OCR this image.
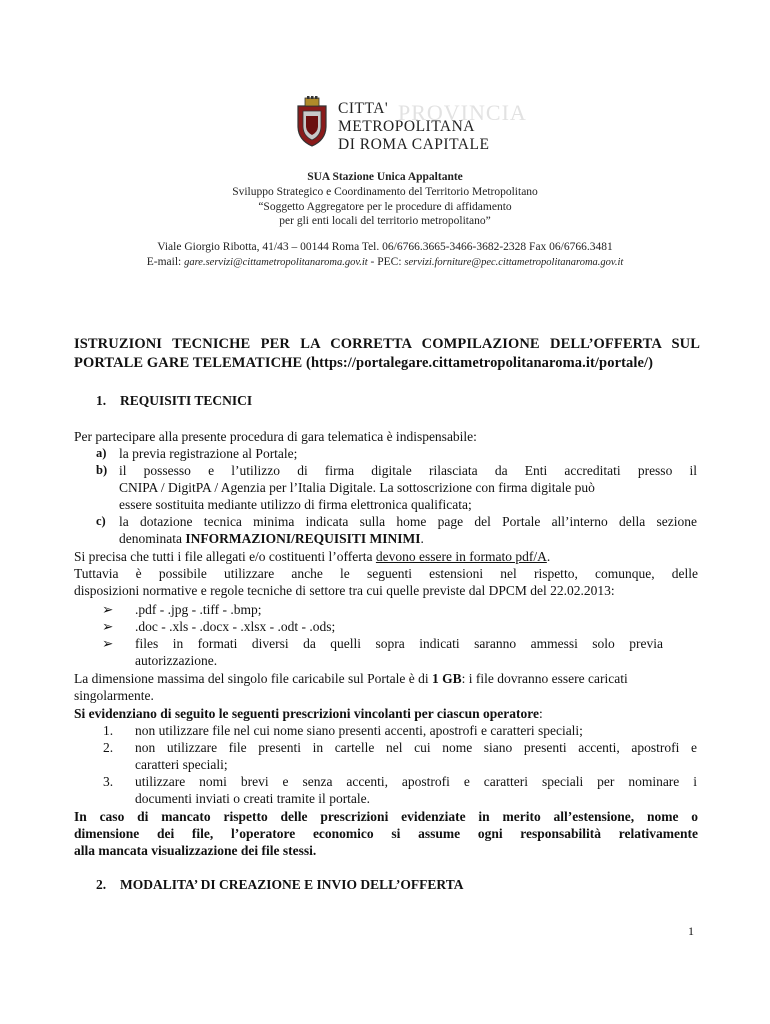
PROVINCIA
CITTA'
METROPOLITANA
DI ROMA CAPITALE
SUA Stazione Unica Appaltante
Sviluppo Strategico e Coordinamento del Territorio Metropolitano
“Soggetto Aggregatore per le procedure di affidamento
per gli enti locali del territorio metropolitano”
Viale Giorgio Ribotta, 41/43 – 00144 Roma Tel. 06/6766.3665-3466-3682-2328 Fax 06/6766.3481
E-mail: gare.servizi@cittametropolitanaroma.gov.it - PEC: servizi.forniture@pec.cittametropolitanaroma.gov.it
ISTRUZIONI TECNICHE PER LA CORRETTA COMPILAZIONE DELL’OFFERTA SUL
PORTALE GARE TELEMATICHE (https://portalegare.cittametropolitanaroma.it/portale/)
1. REQUISITI TECNICI
Per partecipare alla presente procedura di gara telematica è indispensabile:
a) la previa registrazione al Portale;
b) il possesso e l’utilizzo di firma digitale rilasciata da Enti accreditati presso il
CNIPA / DigitPA / Agenzia per l’Italia Digitale. La sottoscrizione con firma digitale può
essere sostituita mediante utilizzo di firma elettronica qualificata;
c) la dotazione tecnica minima indicata sulla home page del Portale all’interno della sezione
denominata INFORMAZIONI/REQUISITI MINIMI.
Si precisa che tutti i file allegati e/o costituenti l’offerta devono essere in formato pdf/A.
Tuttavia è possibile utilizzare anche le seguenti estensioni nel rispetto, comunque, delle
disposizioni normative e regole tecniche di settore tra cui quelle previste dal DPCM del 22.02.2013:
➢ .pdf - .jpg - .tiff - .bmp;
➢ .doc - .xls - .docx - .xlsx - .odt - .ods;
➢ files in formati diversi da quelli sopra indicati saranno ammessi solo previa
autorizzazione.
La dimensione massima del singolo file caricabile sul Portale è di 1 GB: i file dovranno essere caricati
singolarmente.
Si evidenziano di seguito le seguenti prescrizioni vincolanti per ciascun operatore:
1. non utilizzare file nel cui nome siano presenti accenti, apostrofi e caratteri speciali;
2. non utilizzare file presenti in cartelle nel cui nome siano presenti accenti, apostrofi e
caratteri speciali;
3. utilizzare nomi brevi e senza accenti, apostrofi e caratteri speciali per nominare i
documenti inviati o creati tramite il portale.
In caso di mancato rispetto delle prescrizioni evidenziate in merito all’estensione, nome o
dimensione dei file, l’operatore economico si assume ogni responsabilità relativamente
alla mancata visualizzazione dei file stessi.
2. MODALITA’ DI CREAZIONE E INVIO DELL’OFFERTA
1
